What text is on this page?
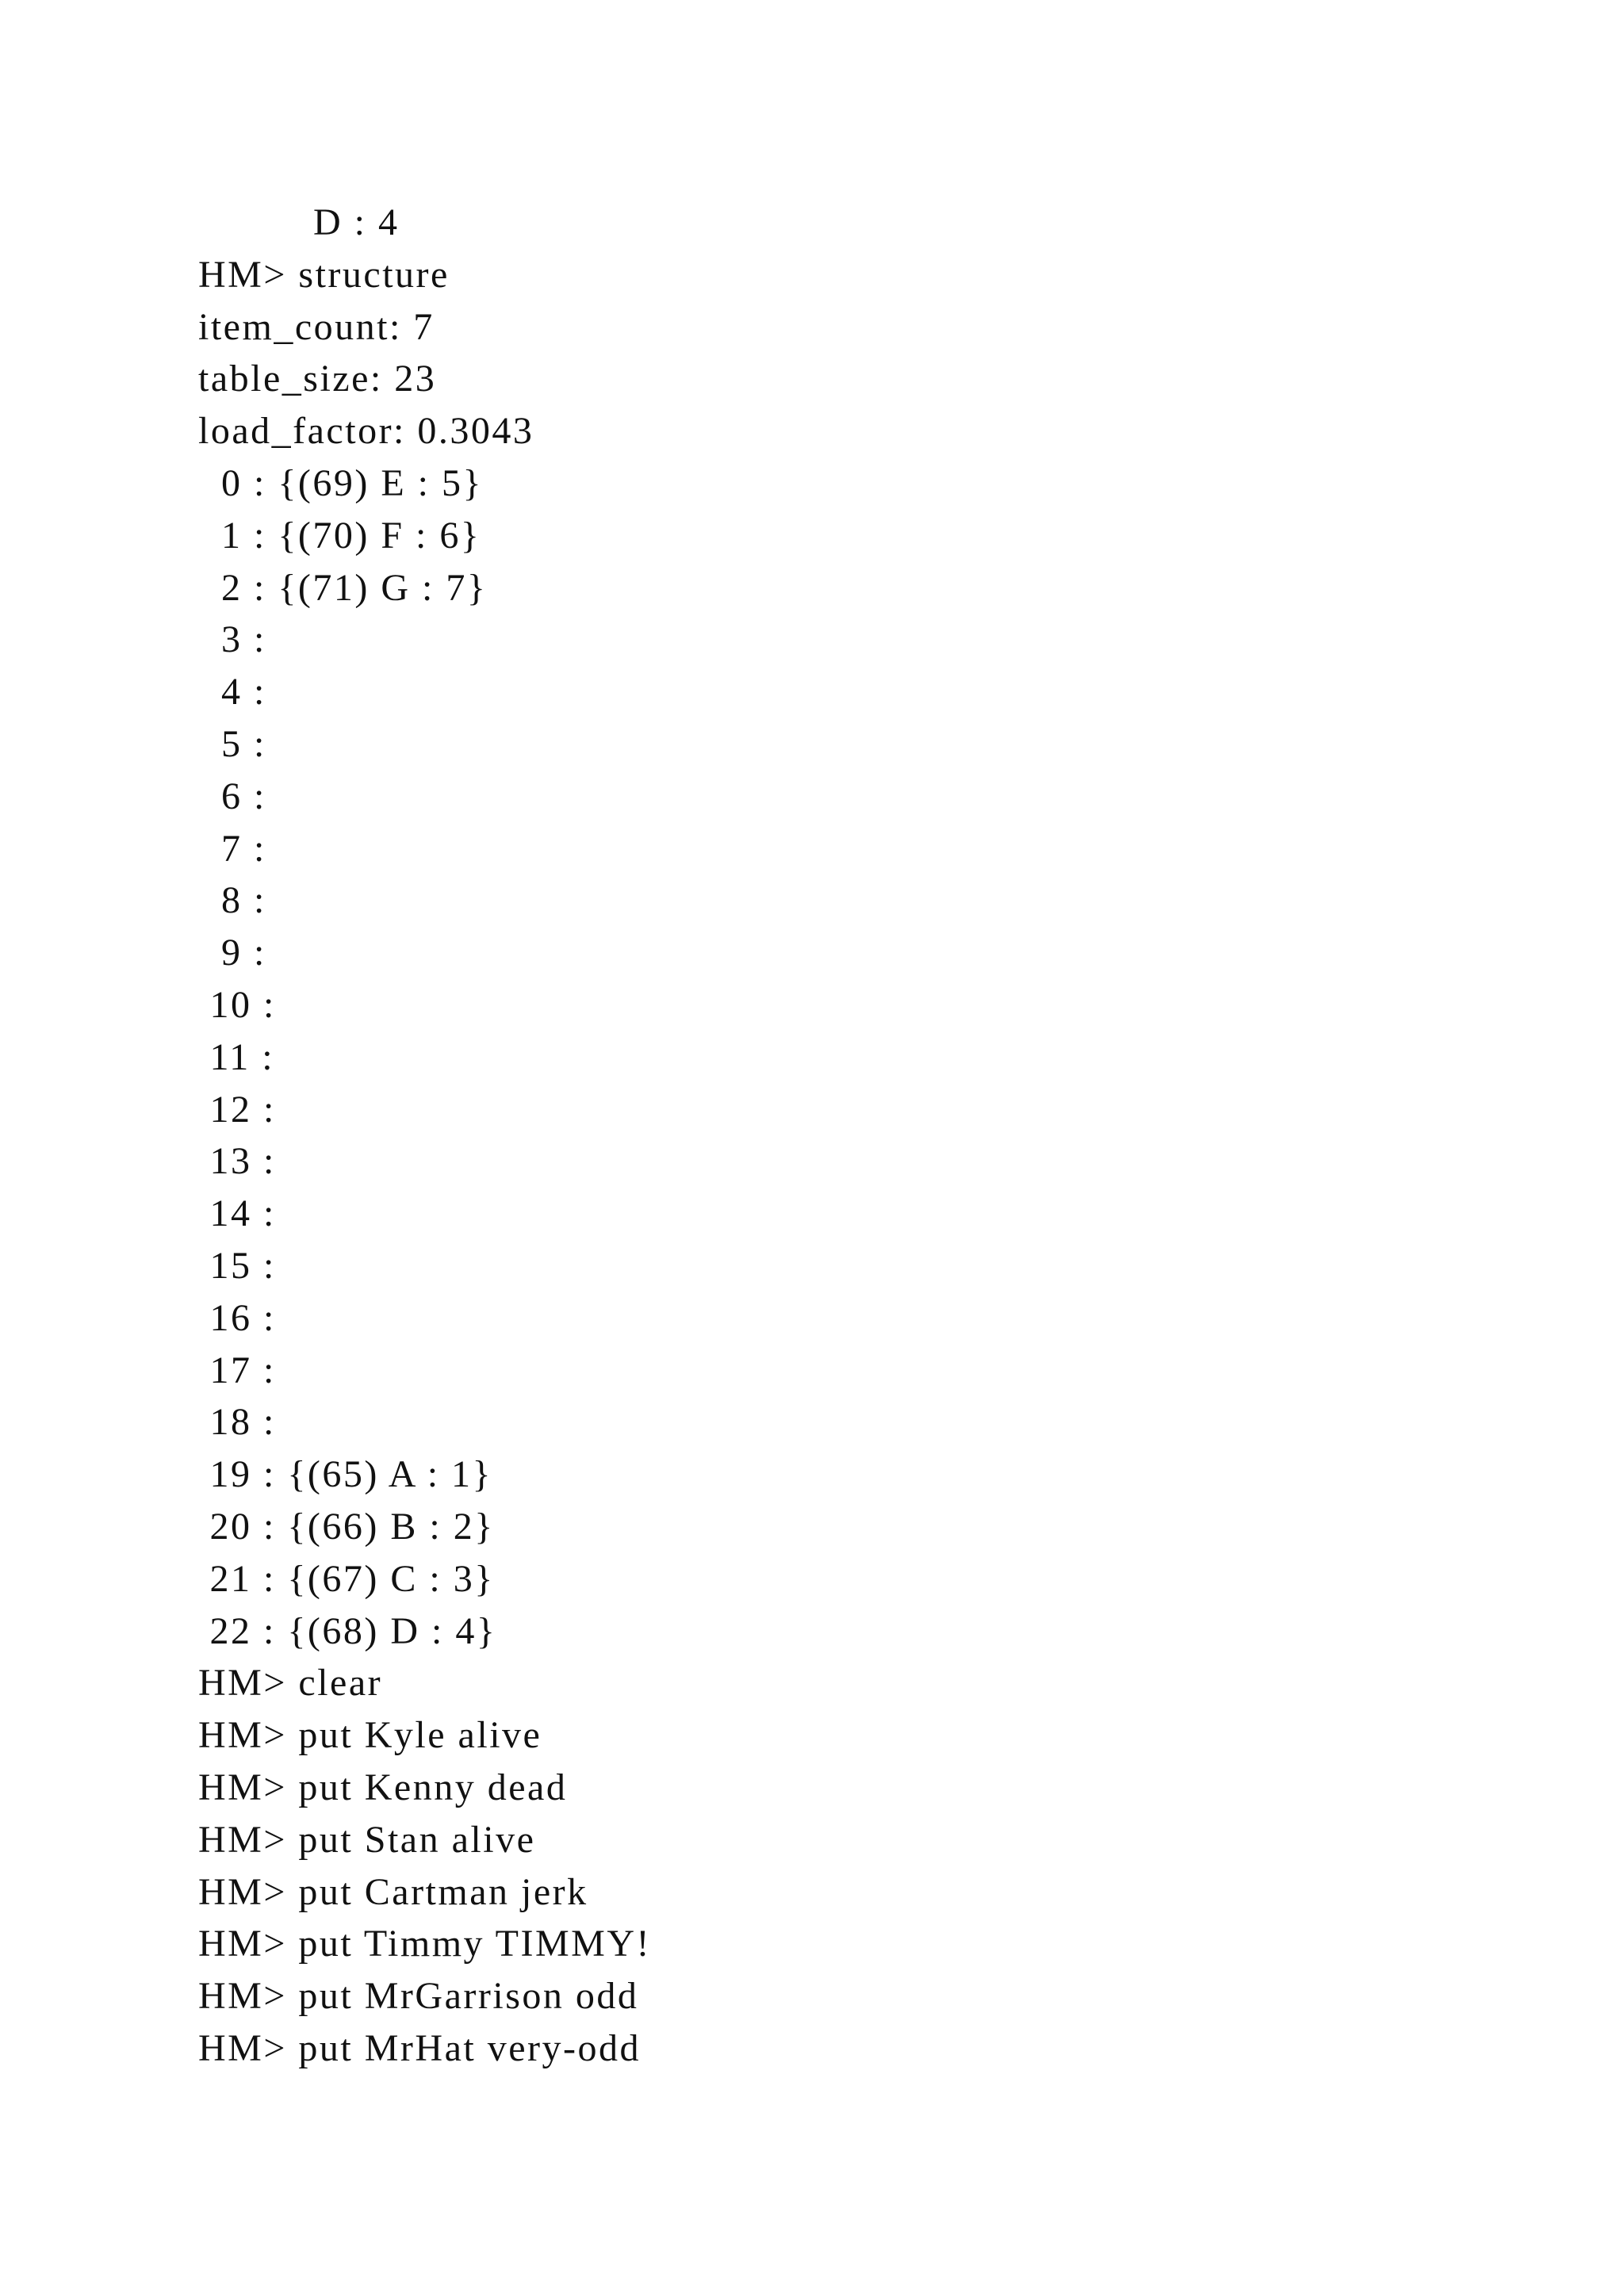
D : 4
HM> structure
item_count: 7
table_size: 23
load_factor: 0.3043
0 : {(69) E : 5}
1 : {(70) F : 6}
2 : {(71) G : 7}
3 :
4 :
5 :
6 :
7 :
8 :
9 :
10 :
11 :
12 :
13 :
14 :
15 :
16 :
17 :
18 :
19 : {(65) A : 1}
20 : {(66) B : 2}
21 : {(67) C : 3}
22 : {(68) D : 4}
HM> clear
HM> put Kyle alive
HM> put Kenny dead
HM> put Stan alive
HM> put Cartman jerk
HM> put Timmy TIMMY!
HM> put MrGarrison odd
HM> put MrHat very-odd
